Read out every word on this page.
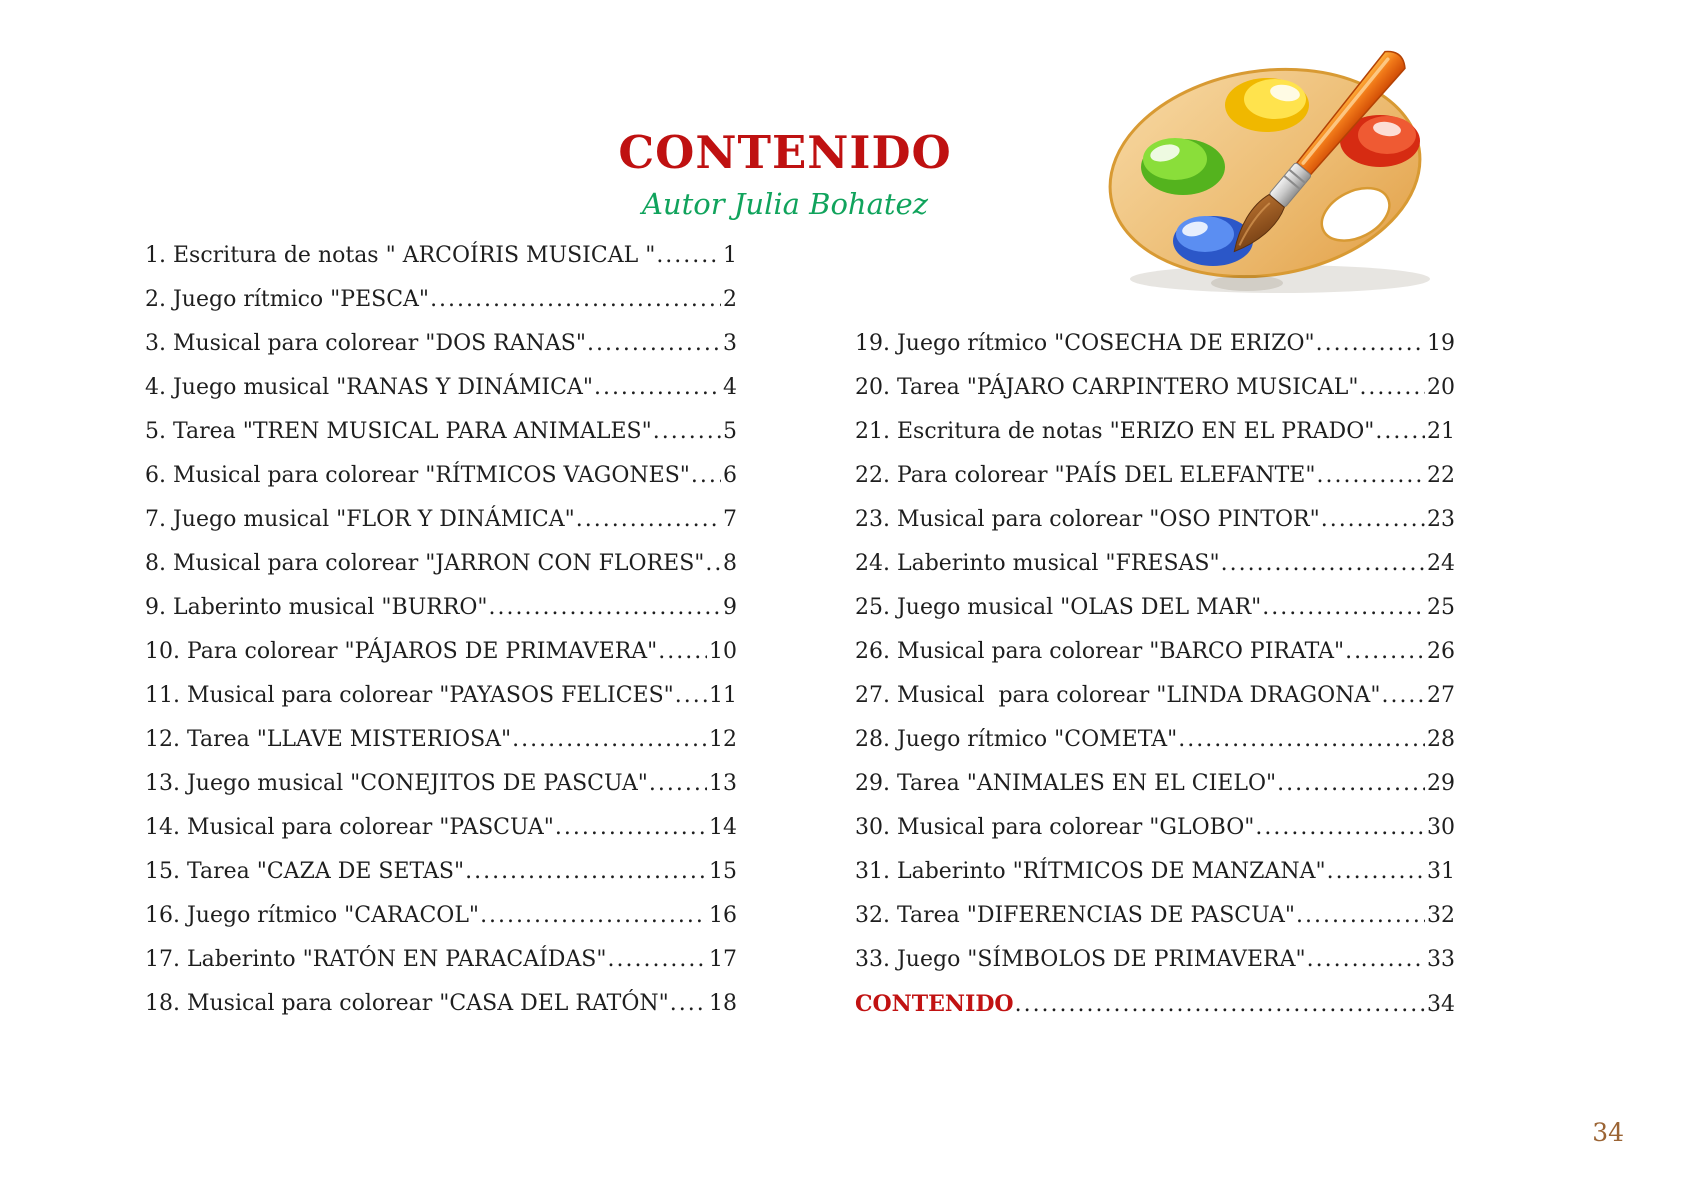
CONTENIDO
Autor Julia Bohatez
1. Escritura de notas " ARCOÍRIS MUSICAL " .....	1
2. Juego rítmico "PESCA" .....	2
3. Musical para colorear "DOS RANAS" .....	3
4. Juego musical "RANAS Y DINÁMICA" .....	4
5. Tarea "TREN MUSICAL PARA ANIMALES" .....	5
6. Musical para colorear "RÍTMICOS VAGONES" ..... 6
7. Juego musical "FLOR Y DINÁMICA" .....	7
8. Musical para colorear "JARRON CON FLORES" ..... 8
9. Laberinto musical "BURRO" .....	9
10. Para colorear "PÁJAROS DE PRIMAVERA" ..... 10
11. Musical para colorear "PAYASOS FELICES" ..... 11
12. Tarea "LLAVE MISTERIOSA" .....	12
13. Juego musical "CONEJITOS DE PASCUA" .....	13
14. Musical para colorear "PASCUA" .....	14
15. Tarea "CAZA DE SETAS" .....	15
16. Juego rítmico "CARACOL" .....	16
17. Laberinto "RATÓN EN PARACAÍDAS" .....	17
18. Musical para colorear "CASA DEL RATÓN" ..... 18
19. Juego rítmico "COSECHA DE ERIZO" .....	19
20. Tarea "PÁJARO CARPINTERO MUSICAL" .....	20
21. Escritura de notas "ERIZO EN EL PRADO" ..... 21
22. Para colorear "PAÍS DEL ELEFANTE" .....	22
23. Musical para colorear "OSO PINTOR" .....	23
24. Laberinto musical "FRESAS" .....	24
25. Juego musical "OLAS DEL MAR" .....	25
26. Musical para colorear "BARCO PIRATA" .....	26
27. Musical  para colorear "LINDA DRAGONA" ..... 27
28. Juego rítmico "COMETA" .....	28
29. Tarea "ANIMALES EN EL CIELO" .....	29
30. Musical para colorear "GLOBO" .....	30
31. Laberinto "RÍTMICOS DE MANZANA" .....	31
32. Tarea "DIFERENCIAS DE PASCUA" .....	32
33. Juego "SÍMBOLOS DE PRIMAVERA" .....	33
CONTENIDO .....	34
34
